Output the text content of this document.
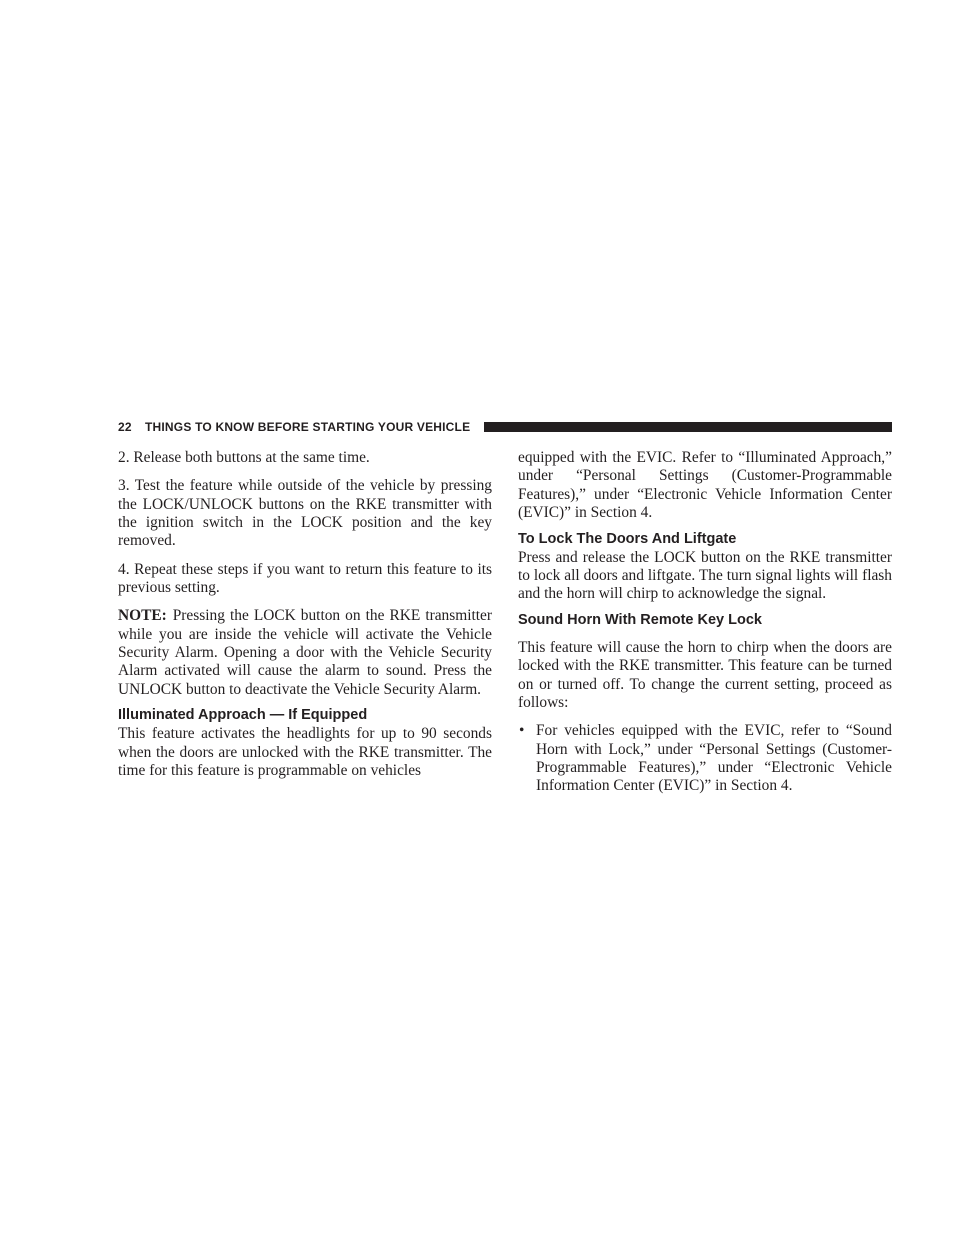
22 THINGS TO KNOW BEFORE STARTING YOUR VEHICLE

2. Release both buttons at the same time.

3. Test the feature while outside of the vehicle by pressing the LOCK/UNLOCK buttons on the RKE transmitter with the ignition switch in the LOCK position and the key removed.

4. Repeat these steps if you want to return this feature to its previous setting.

NOTE: Pressing the LOCK button on the RKE transmitter while you are inside the vehicle will activate the Vehicle Security Alarm. Opening a door with the Vehicle Security Alarm activated will cause the alarm to sound. Press the UNLOCK button to deactivate the Vehicle Security Alarm.

Illuminated Approach — If Equipped

This feature activates the headlights for up to 90 seconds when the doors are unlocked with the RKE transmitter. The time for this feature is programmable on vehicles

equipped with the EVIC. Refer to “Illuminated Approach,” under “Personal Settings (Customer-Programmable Features),” under “Electronic Vehicle Information Center (EVIC)” in Section 4.

To Lock The Doors And Liftgate

Press and release the LOCK button on the RKE transmitter to lock all doors and liftgate. The turn signal lights will flash and the horn will chirp to acknowledge the signal.

Sound Horn With Remote Key Lock

This feature will cause the horn to chirp when the doors are locked with the RKE transmitter. This feature can be turned on or turned off. To change the current setting, proceed as follows:

• For vehicles equipped with the EVIC, refer to “Sound Horn with Lock,” under “Personal Settings (Customer-Programmable Features),” under “Electronic Vehicle Information Center (EVIC)” in Section 4.
